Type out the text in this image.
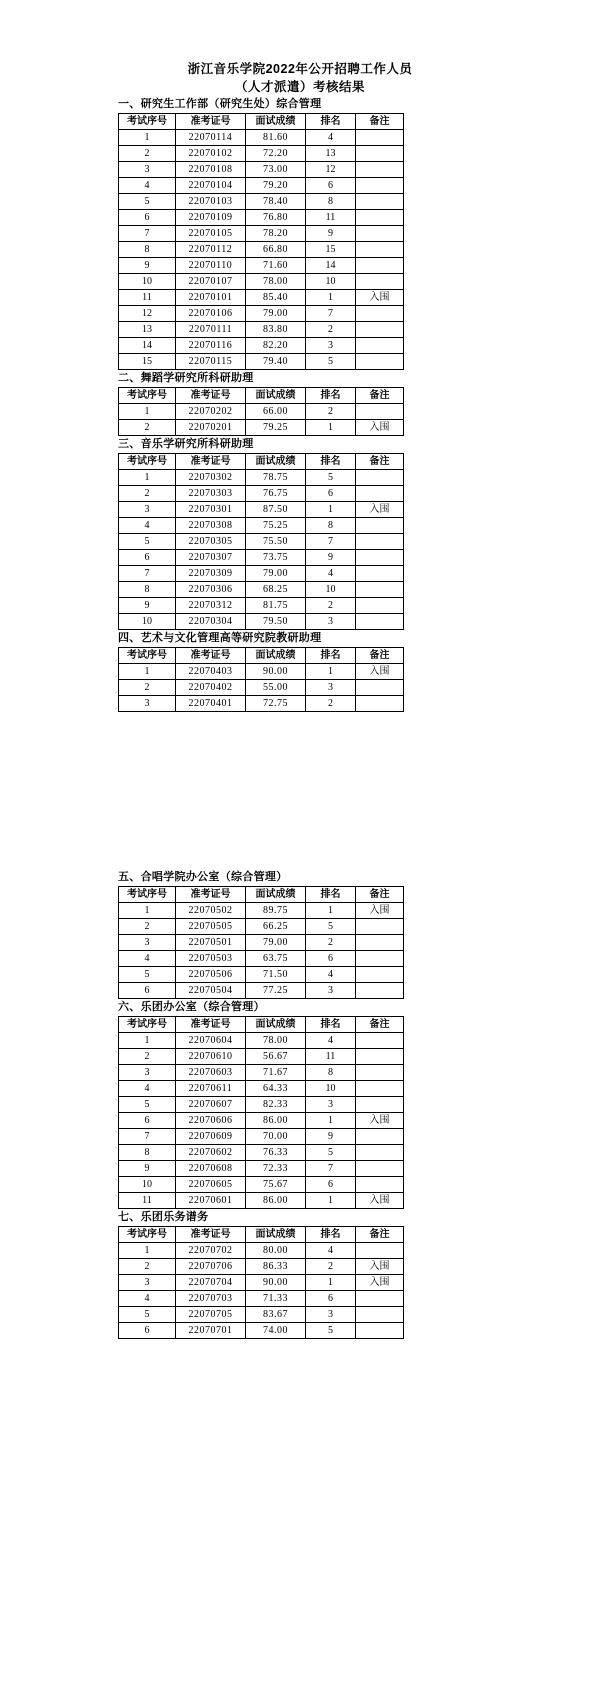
浙江音乐学院2022年公开招聘工作人员
（人才派遣）考核结果
一、研究生工作部（研究生处）综合管理
考试序号	准考证号	面试成绩	排名	备注
1	22070114	81.60	4	
2	22070102	72.20	13	
3	22070108	73.00	12	
4	22070104	79.20	6	
5	22070103	78.40	8	
6	22070109	76.80	11	
7	22070105	78.20	9	
8	22070112	66.80	15	
9	22070110	71.60	14	
10	22070107	78.00	10	
11	22070101	85.40	1	入围
12	22070106	79.00	7	
13	22070111	83.80	2	
14	22070116	82.20	3	
15	22070115	79.40	5	
二、舞蹈学研究所科研助理
考试序号	准考证号	面试成绩	排名	备注
1	22070202	66.00	2	
2	22070201	79.25	1	入围
三、音乐学研究所科研助理
考试序号	准考证号	面试成绩	排名	备注
1	22070302	78.75	5	
2	22070303	76.75	6	
3	22070301	87.50	1	入围
4	22070308	75.25	8	
5	22070305	75.50	7	
6	22070307	73.75	9	
7	22070309	79.00	4	
8	22070306	68.25	10	
9	22070312	81.75	2	
10	22070304	79.50	3	
四、艺术与文化管理高等研究院教研助理
考试序号	准考证号	面试成绩	排名	备注
1	22070403	90.00	1	入围
2	22070402	55.00	3	
3	22070401	72.75	2	
五、合唱学院办公室（综合管理）
考试序号	准考证号	面试成绩	排名	备注
1	22070502	89.75	1	入围
2	22070505	66.25	5	
3	22070501	79.00	2	
4	22070503	63.75	6	
5	22070506	71.50	4	
6	22070504	77.25	3	
六、乐团办公室（综合管理）
考试序号	准考证号	面试成绩	排名	备注
1	22070604	78.00	4	
2	22070610	56.67	11	
3	22070603	71.67	8	
4	22070611	64.33	10	
5	22070607	82.33	3	
6	22070606	86.00	1	入围
7	22070609	70.00	9	
8	22070602	76.33	5	
9	22070608	72.33	7	
10	22070605	75.67	6	
11	22070601	86.00	1	入围
七、乐团乐务谱务
考试序号	准考证号	面试成绩	排名	备注
1	22070702	80.00	4	
2	22070706	86.33	2	入围
3	22070704	90.00	1	入围
4	22070703	71.33	6	
5	22070705	83.67	3	
6	22070701	74.00	5	
